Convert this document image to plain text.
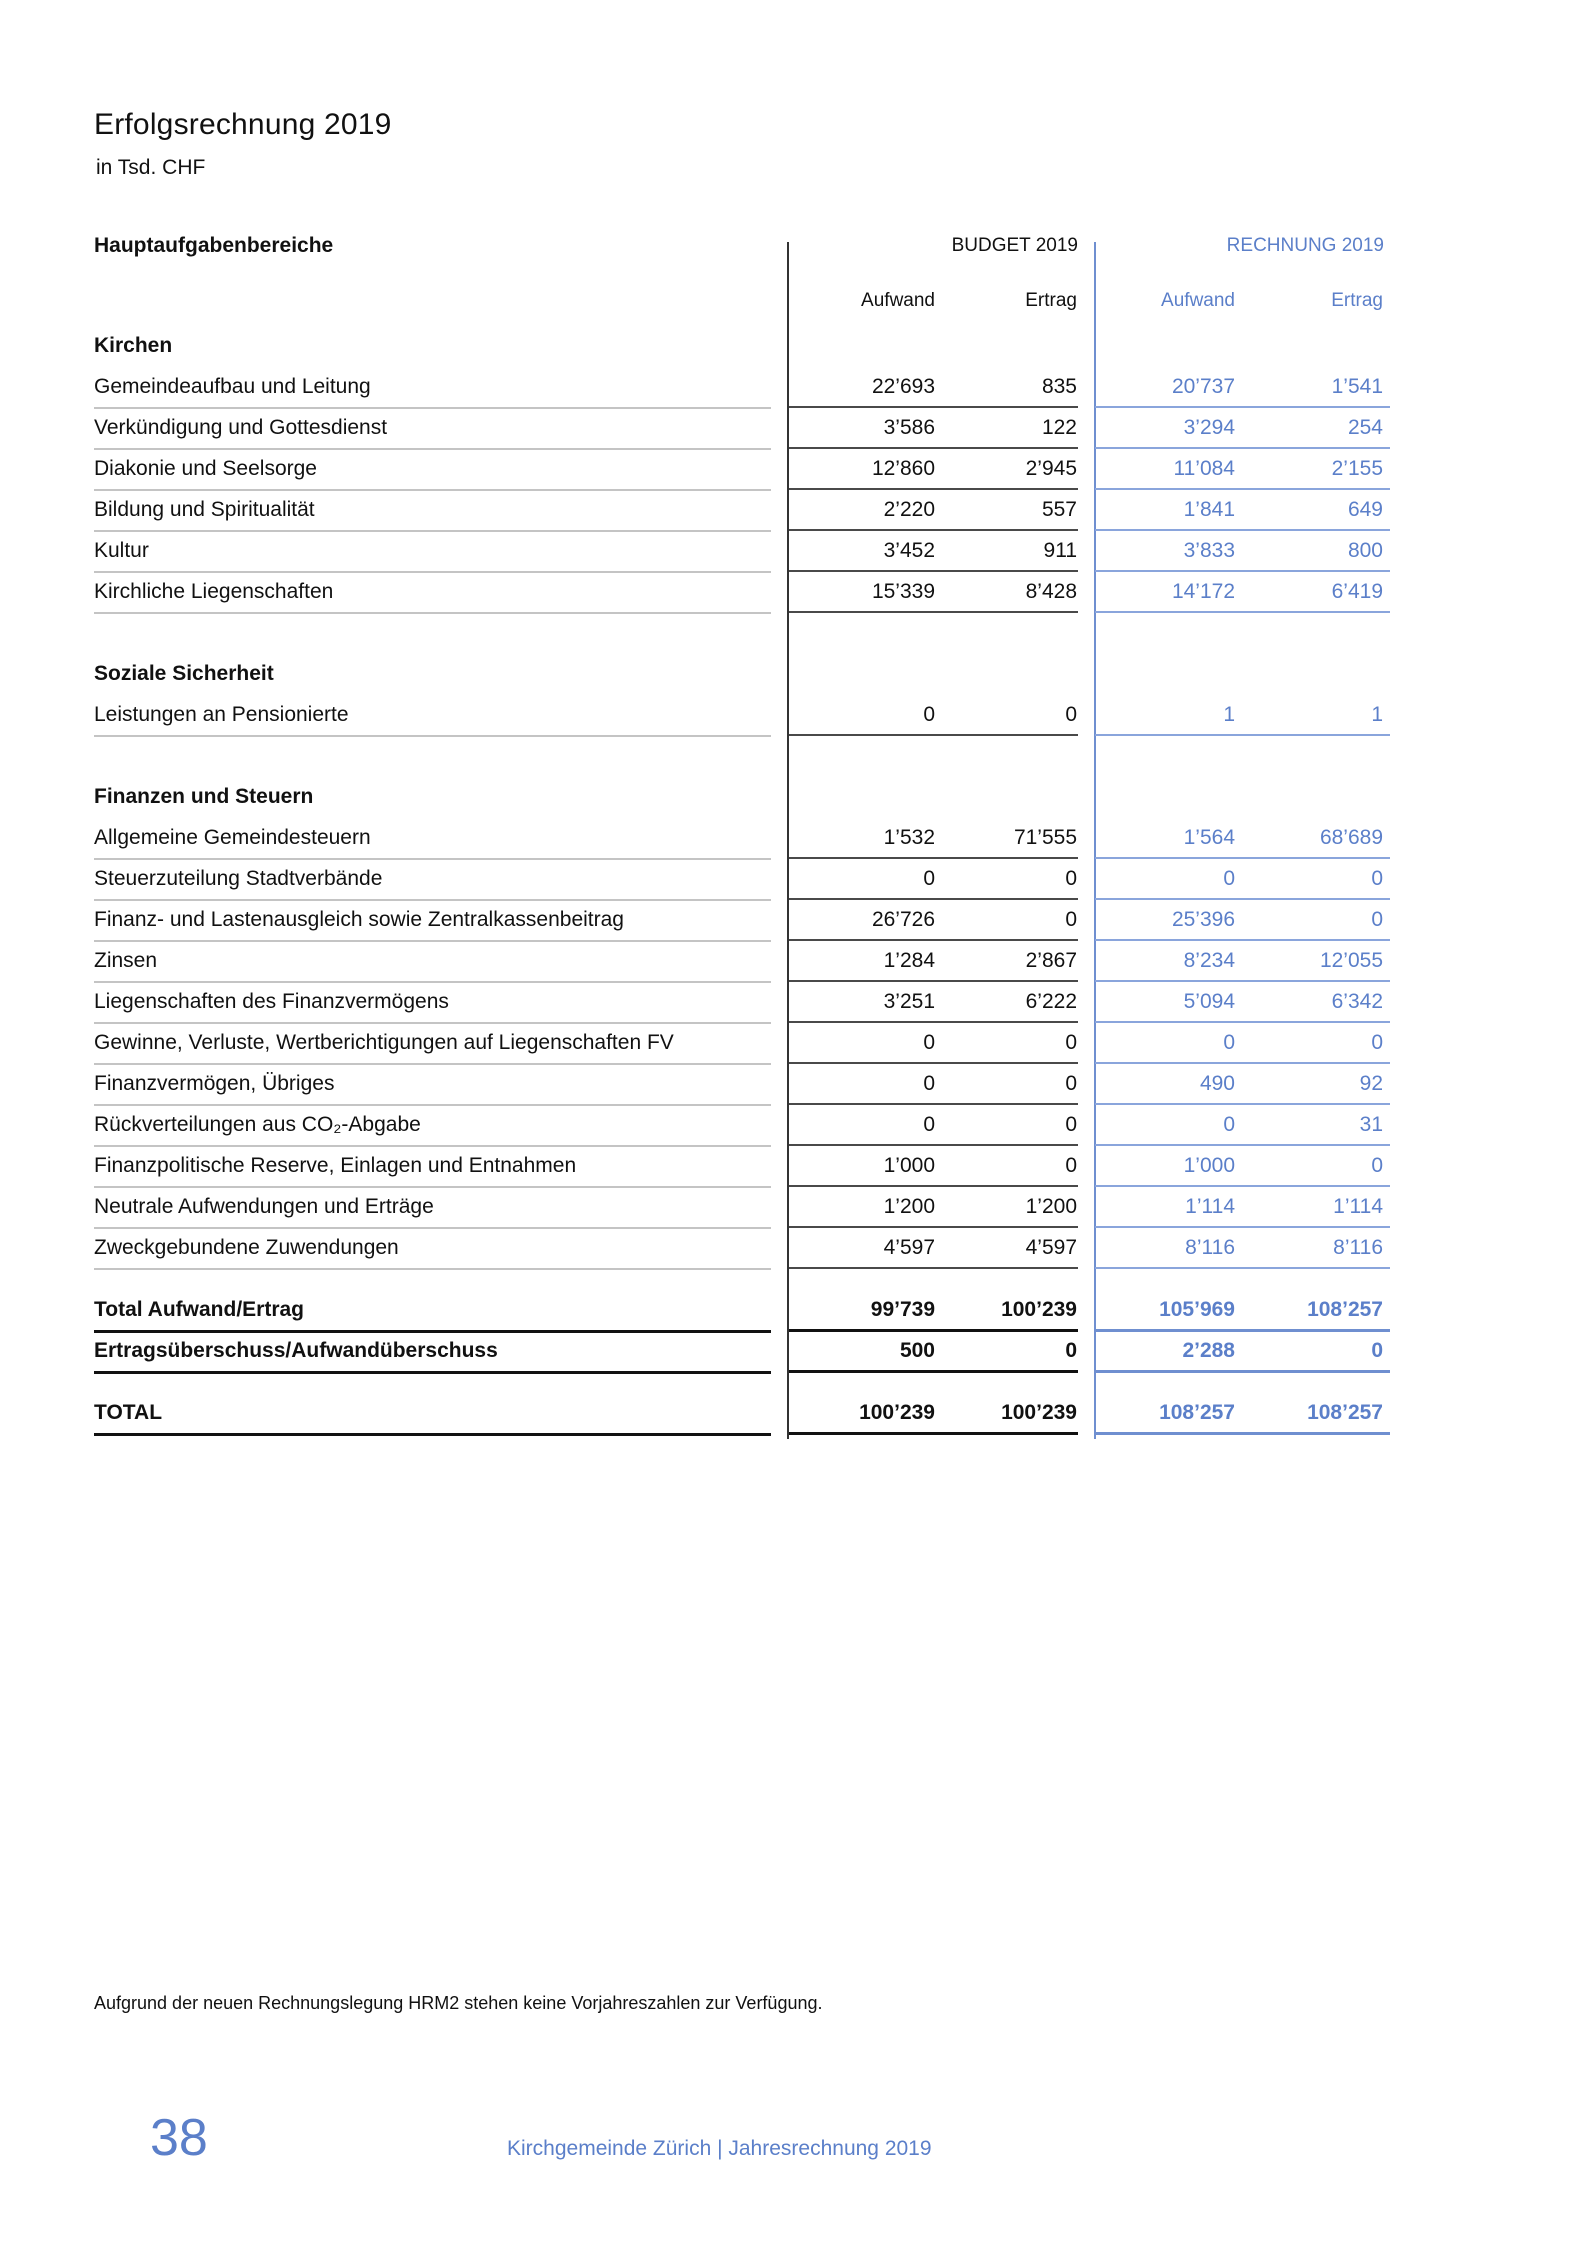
Erfolgsrechnung 2019
in Tsd. CHF
Hauptaufgabenbereiche	BUDGET 2019	RECHNUNG 2019
Aufwand	Ertrag	Aufwand	Ertrag
Kirchen
Gemeindeaufbau und Leitung	22’693	835	20’737	1’541
Verkündigung und Gottesdienst	3’586	122	3’294	254
Diakonie und Seelsorge	12’860	2’945	11’084	2’155
Bildung und Spiritualität	2’220	557	1’841	649
Kultur	3’452	911	3’833	800
Kirchliche Liegenschaften	15’339	8’428	14’172	6’419
Soziale Sicherheit
Leistungen an Pensionierte	0	0	1	1
Finanzen und Steuern
Allgemeine Gemeindesteuern	1’532	71’555	1’564	68’689
Steuerzuteilung Stadtverbände	0	0	0	0
Finanz- und Lastenausgleich sowie Zentralkassenbeitrag	26’726	0	25’396	0
Zinsen	1’284	2’867	8’234	12’055
Liegenschaften des Finanzvermögens	3’251	6’222	5’094	6’342
Gewinne, Verluste, Wertberichtigungen auf Liegenschaften FV	0	0	0	0
Finanzvermögen, Übriges	0	0	490	92
Rückverteilungen aus CO₂-Abgabe	0	0	0	31
Finanzpolitische Reserve, Einlagen und Entnahmen	1’000	0	1’000	0
Neutrale Aufwendungen und Erträge	1’200	1’200	1’114	1’114
Zweckgebundene Zuwendungen	4’597	4’597	8’116	8’116
Total Aufwand/Ertrag	99’739	100’239	105’969	108’257
Ertragsüberschuss/Aufwandüberschuss	500	0	2’288	0
TOTAL	100’239	100’239	108’257	108’257
Aufgrund der neuen Rechnungslegung HRM2 stehen keine Vorjahreszahlen zur Verfügung.
38	Kirchgemeinde Zürich | Jahresrechnung 2019
